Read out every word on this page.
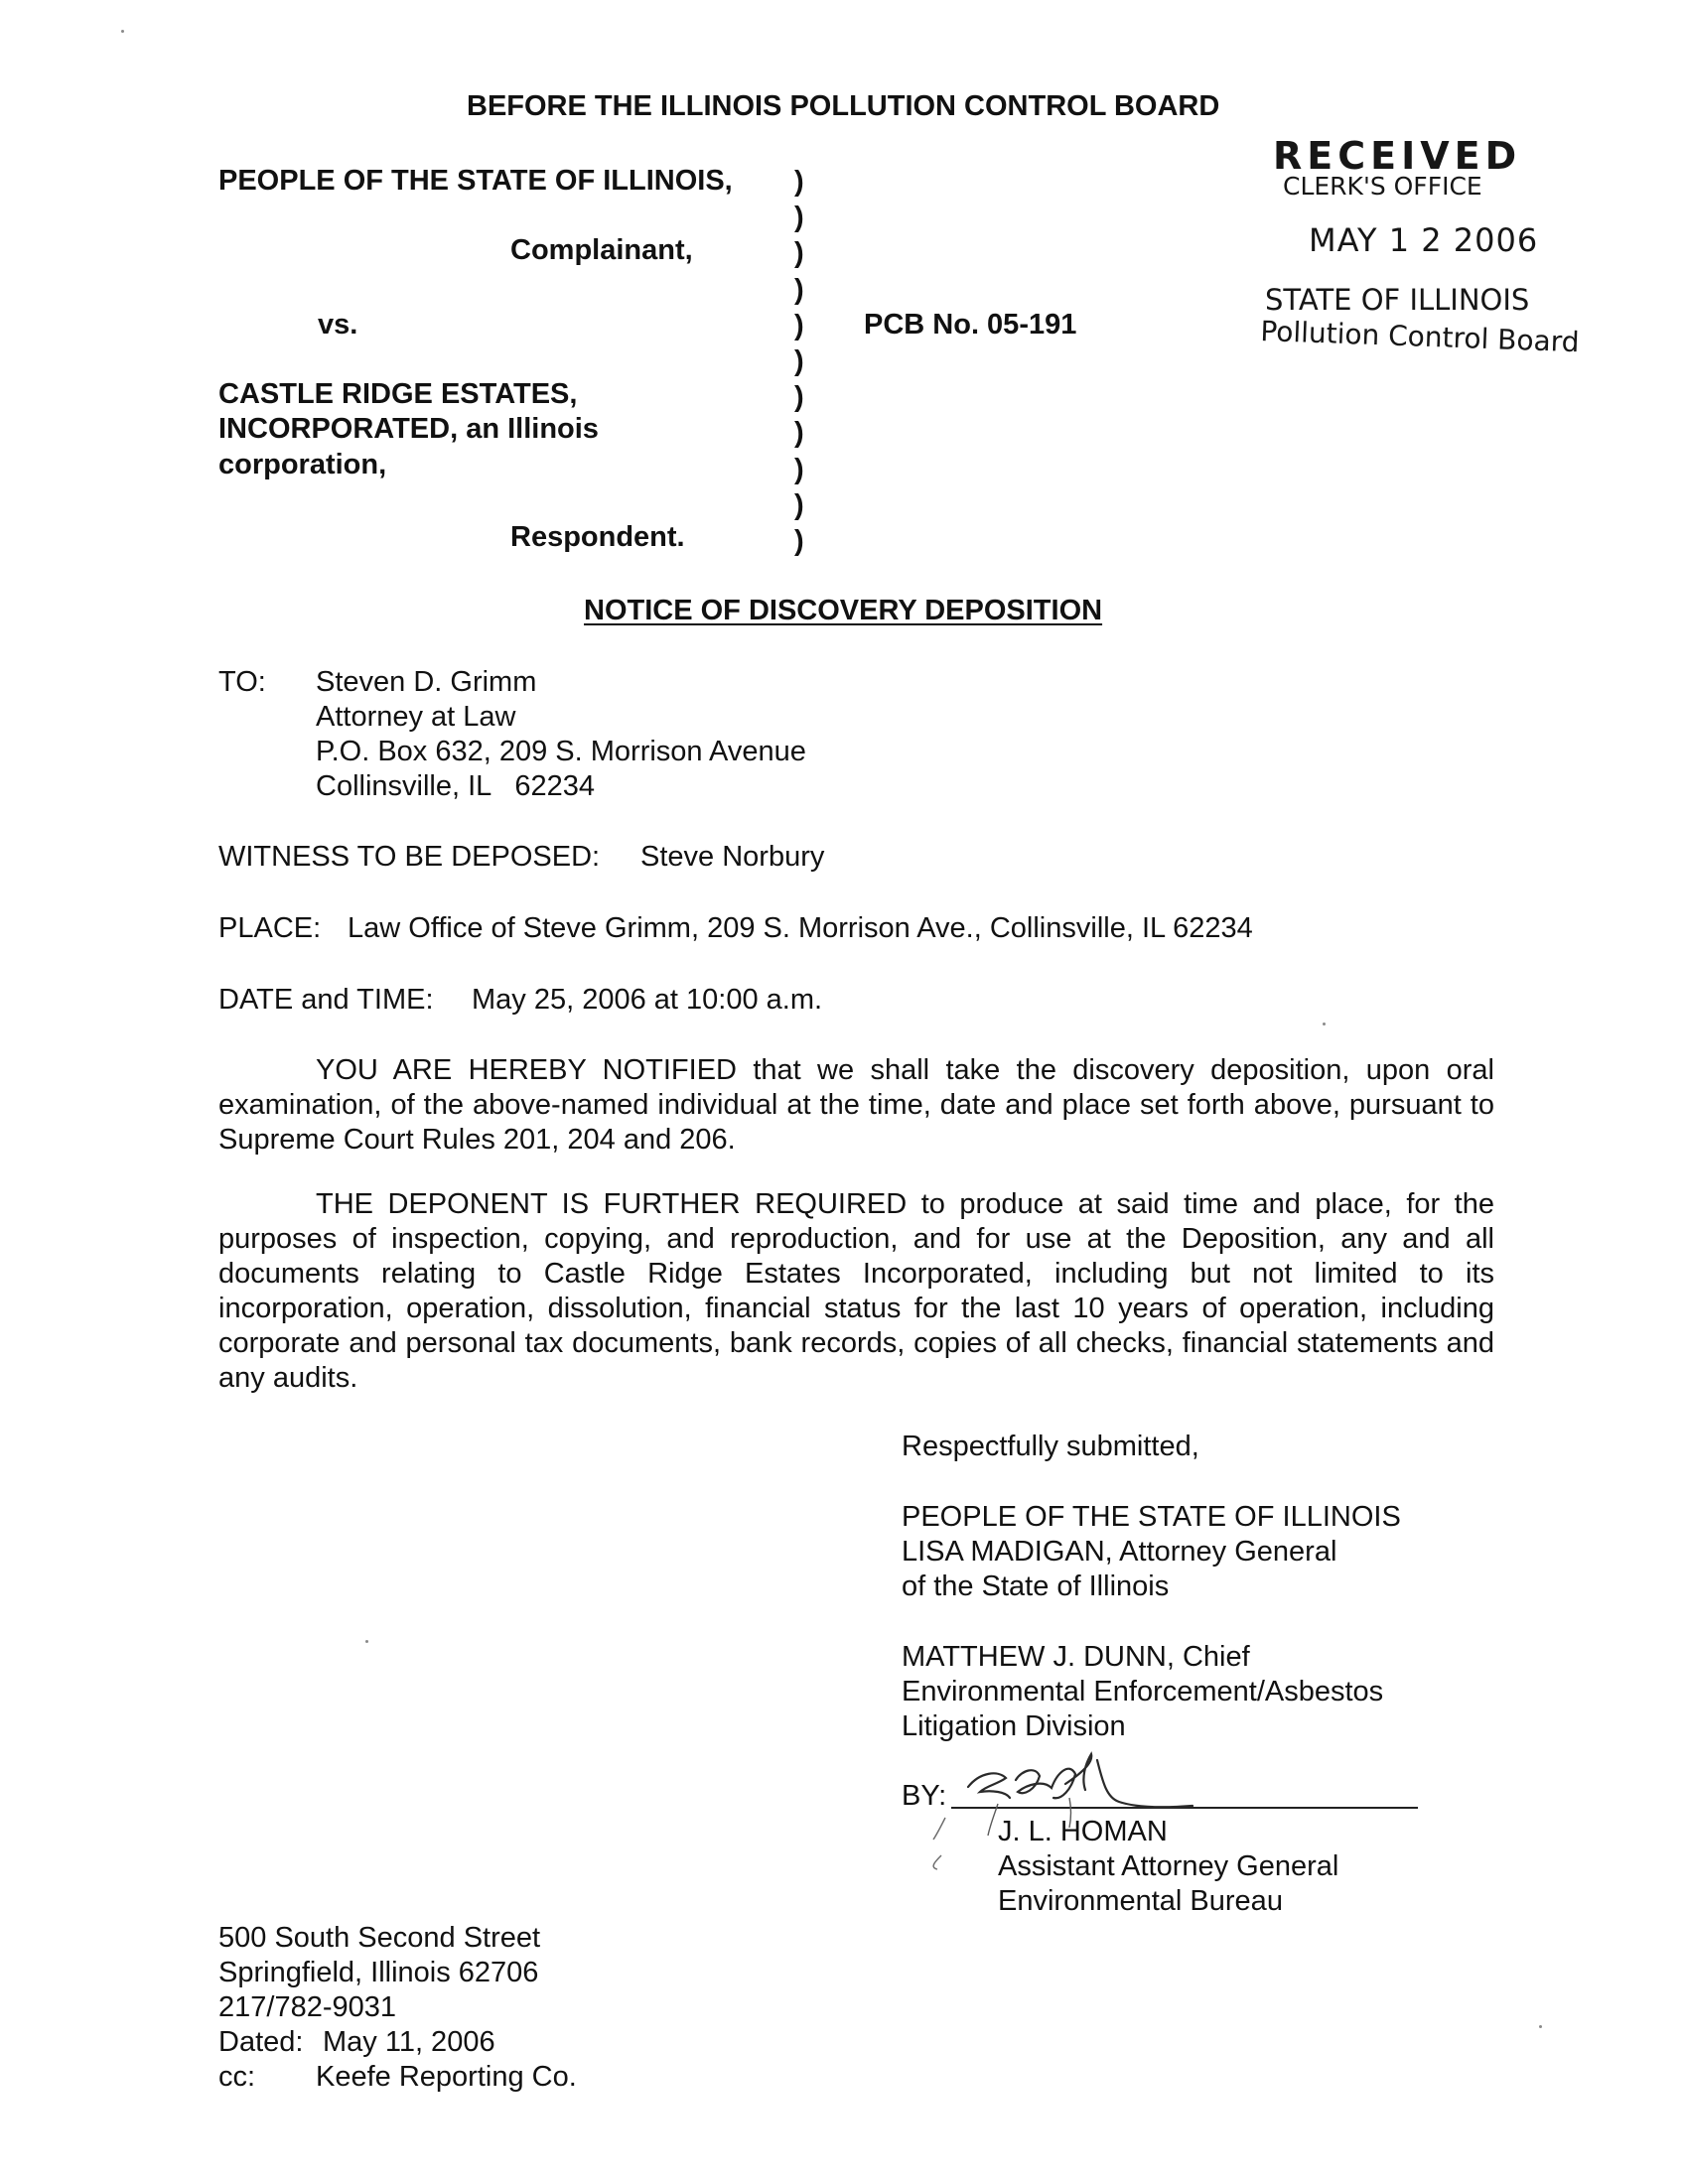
BEFORE THE ILLINOIS POLLUTION CONTROL BOARD
RECEIVED
CLERK'S OFFICE
MAY 1 2 2006
STATE OF ILLINOIS
Pollution Control Board
PEOPLE OF THE STATE OF ILLINOIS,
Complainant,
vs.
CASTLE RIDGE ESTATES,
INCORPORATED, an Illinois
corporation,
Respondent.
)
)
)
)
)
)
)
)
)
)
)
PCB No. 05-191
NOTICE OF DISCOVERY DEPOSITION
TO: Steven D. Grimm
Attorney at Law
P.O. Box 632, 209 S. Morrison Avenue
Collinsville, IL   62234
WITNESS TO BE DEPOSED: Steve Norbury
PLACE: Law Office of Steve Grimm, 209 S. Morrison Ave., Collinsville, IL 62234
DATE and TIME: May 25, 2006 at 10:00 a.m.
YOU ARE HEREBY NOTIFIED that we shall take the discovery deposition, upon oral examination, of the above-named individual at the time, date and place set forth above, pursuant to Supreme Court Rules 201, 204 and 206.
THE DEPONENT IS FURTHER REQUIRED to produce at said time and place, for the purposes of inspection, copying, and reproduction, and for use at the Deposition, any and all documents relating to Castle Ridge Estates Incorporated, including but not limited to its incorporation, operation, dissolution, financial status for the last 10 years of operation, including corporate and personal tax documents, bank records, copies of all checks, financial statements and any audits.
Respectfully submitted,
PEOPLE OF THE STATE OF ILLINOIS
LISA MADIGAN, Attorney General
of the State of Illinois
MATTHEW J. DUNN, Chief
Environmental Enforcement/Asbestos
Litigation Division
BY:
J. L. HOMAN
Assistant Attorney General
Environmental Bureau
500 South Second Street
Springfield, Illinois 62706
217/782-9031
Dated: May 11, 2006
cc: Keefe Reporting Co.
